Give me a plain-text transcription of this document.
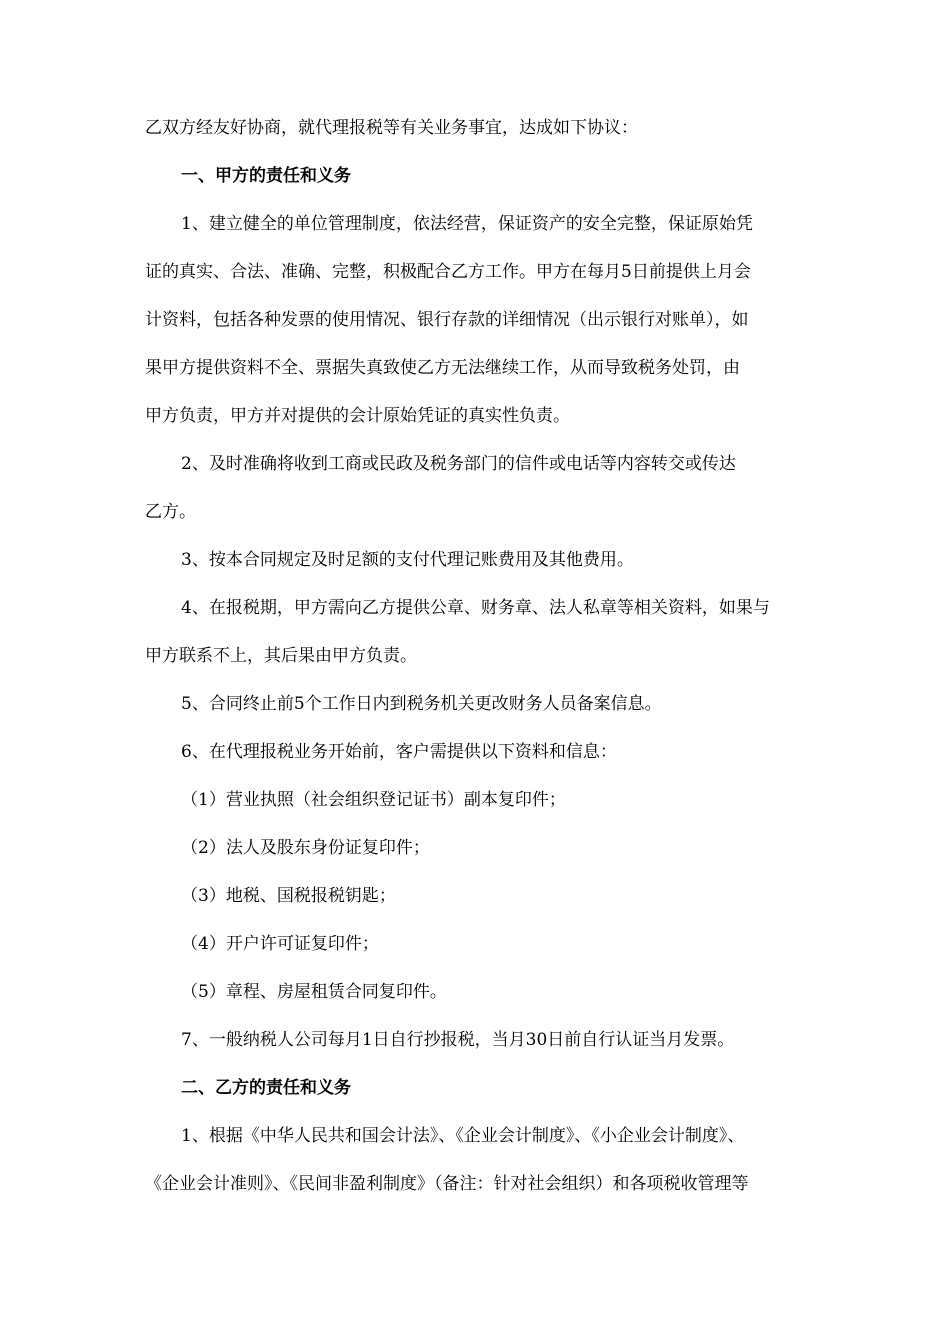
乙双方经友好协商，就代理报税等有关业务事宜，达成如下协议：
一、甲方的责任和义务
1、建立健全的单位管理制度，依法经营，保证资产的安全完整，保证原始凭
证的真实、合法、准确、完整，积极配合乙方工作。甲方在每月5日前提供上月会
计资料，包括各种发票的使用情况、银行存款的详细情况（出示银行对账单），如
果甲方提供资料不全、票据失真致使乙方无法继续工作，从而导致税务处罚，由
甲方负责，甲方并对提供的会计原始凭证的真实性负责。
2、及时准确将收到工商或民政及税务部门的信件或电话等内容转交或传达
乙方。
3、按本合同规定及时足额的支付代理记账费用及其他费用。
4、在报税期，甲方需向乙方提供公章、财务章、法人私章等相关资料，如果与
甲方联系不上，其后果由甲方负责。
5、合同终止前5个工作日内到税务机关更改财务人员备案信息。
6、在代理报税业务开始前，客户需提供以下资料和信息：
（1）营业执照（社会组织登记证书）副本复印件；
（2）法人及股东身份证复印件；
（3）地税、国税报税钥匙；
（4）开户许可证复印件；
（5）章程、房屋租赁合同复印件。
7、一般纳税人公司每月1日自行抄报税，当月30日前自行认证当月发票。
二、乙方的责任和义务
1、根据《中华人民共和国会计法》、《企业会计制度》、《小企业会计制度》、
《企业会计准则》、《民间非盈利制度》（备注：针对社会组织）和各项税收管理等
